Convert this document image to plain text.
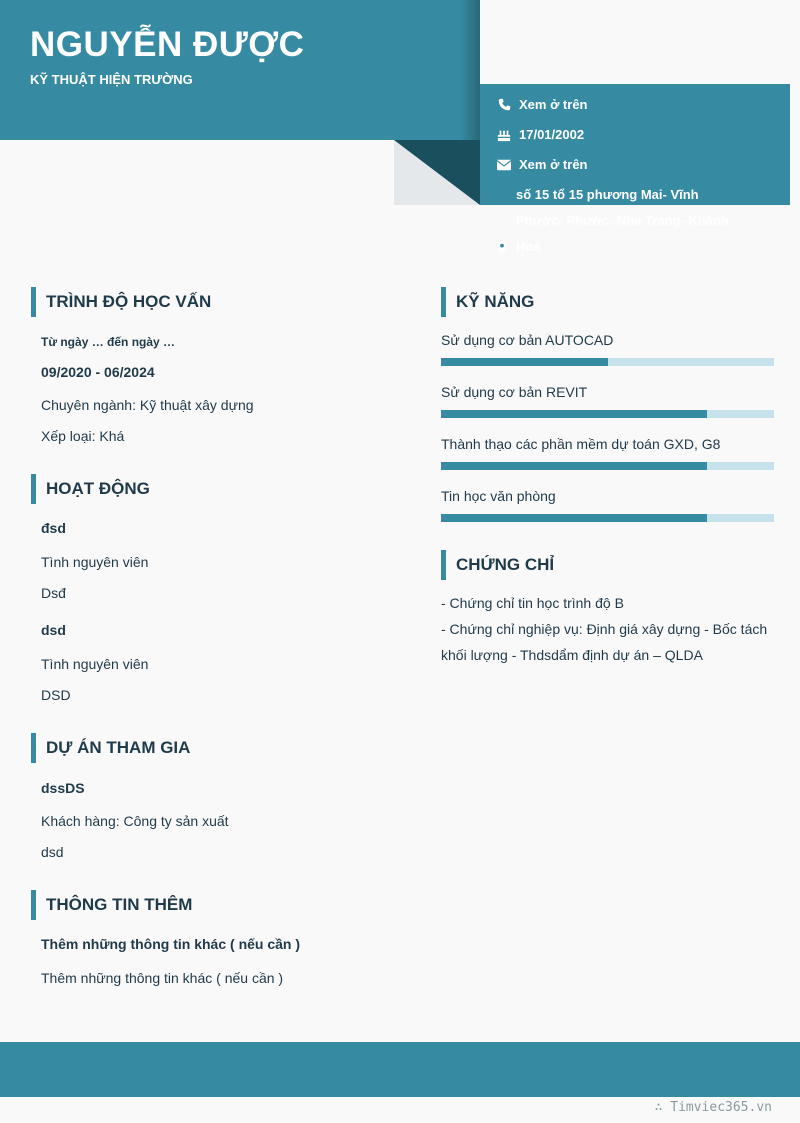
NGUYỄN ĐƯỢC
KỸ THUẬT HIỆN TRƯỜNG
Xem ở trên
17/01/2002
Xem ở trên
số 15 tổ 15 phương Mai- Vĩnh
Phước- Phước -Nha Trang- Khánh
Hoà
TRÌNH ĐỘ HỌC VẤN
Từ ngày … đến ngày …
09/2020 - 06/2024
Chuyên ngành: Kỹ thuật xây dựng
Xếp loại: Khá
HOẠT ĐỘNG
đsd
Tình nguyên viên
Dsđ
dsd
Tình nguyên viên
DSD
DỰ ÁN THAM GIA
dssDS
Khách hàng: Công ty sản xuất
dsd
THÔNG TIN THÊM
Thêm những thông tin khác ( nếu cần )
Thêm những thông tin khác ( nếu cần )
KỸ NĂNG
Sử dụng cơ bản AUTOCAD
Sử dụng cơ bản REVIT
Thành thạo các phần mềm dự toán GXD, G8
Tin học văn phòng
CHỨNG CHỈ
- Chứng chỉ tin học trình độ B
- Chứng chỉ nghiệp vụ: Định giá xây dựng - Bốc tách khối lượng - Thdsdẩm định dự án – QLDA
∴ Timviec365.vn
